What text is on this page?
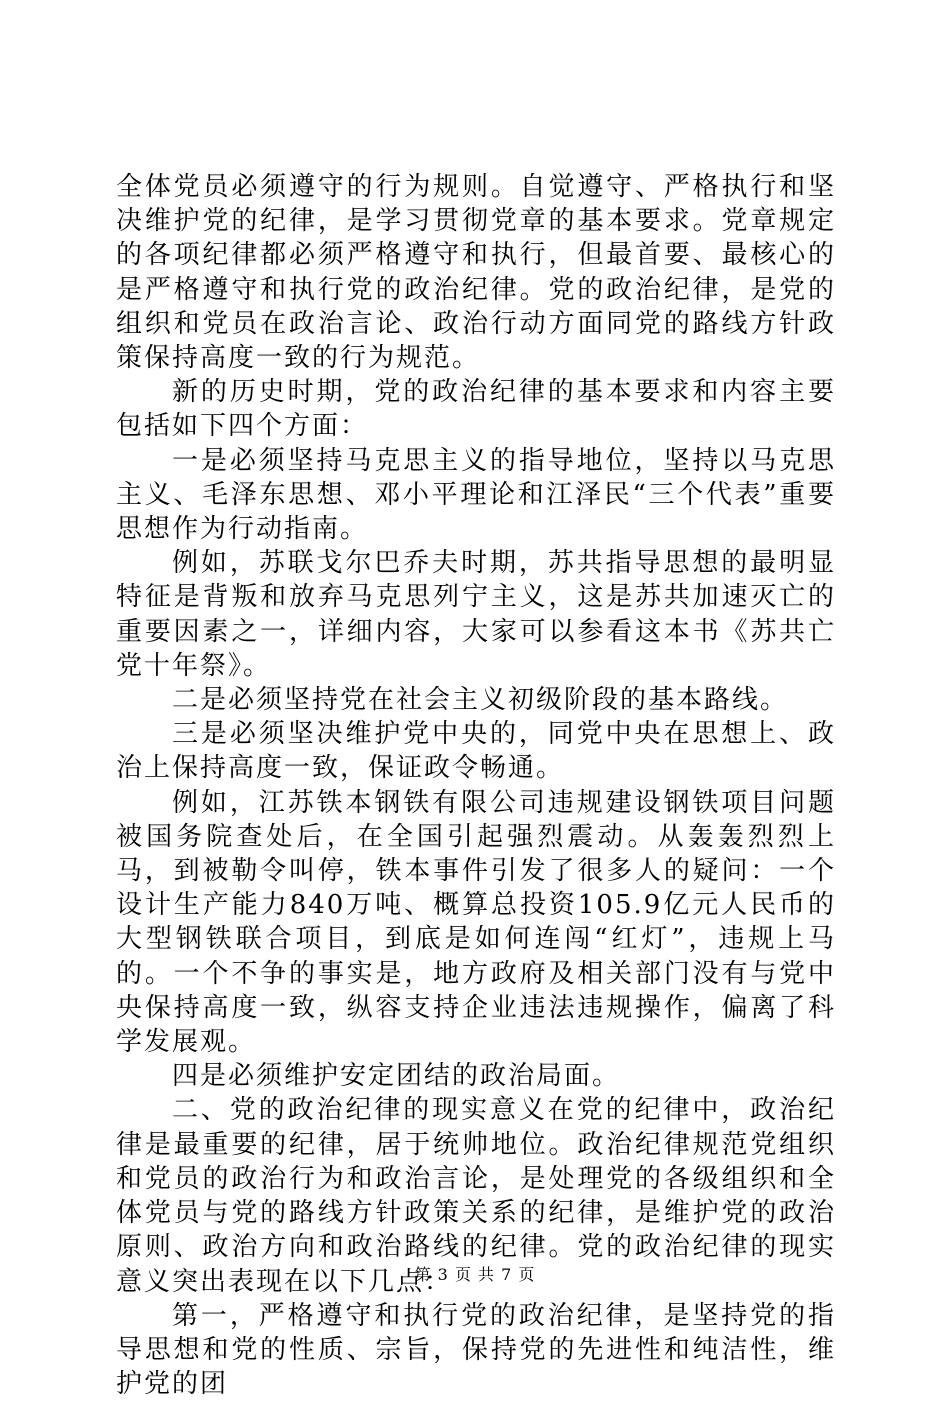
全体党员必须遵守的行为规则。自觉遵守、严格执行和坚决维护党的纪律，是学习贯彻党章的基本要求。党章规定的各项纪律都必须严格遵守和执行，但最首要、最核心的是严格遵守和执行党的政治纪律。党的政治纪律，是党的组织和党员在政治言论、政治行动方面同党的路线方针政策保持高度一致的行为规范。

新的历史时期，党的政治纪律的基本要求和内容主要包括如下四个方面：

一是必须坚持马克思主义的指导地位，坚持以马克思主义、毛泽东思想、邓小平理论和江泽民“三个代表”重要思想作为行动指南。

例如，苏联戈尔巴乔夫时期，苏共指导思想的最明显特征是背叛和放弃马克思列宁主义，这是苏共加速灭亡的重要因素之一，详细内容，大家可以参看这本书《苏共亡党十年祭》。

二是必须坚持党在社会主义初级阶段的基本路线。

三是必须坚决维护党中央的，同党中央在思想上、政治上保持高度一致，保证政令畅通。

例如，江苏铁本钢铁有限公司违规建设钢铁项目问题被国务院查处后，在全国引起强烈震动。从轰轰烈烈上马，到被勒令叫停，铁本事件引发了很多人的疑问：一个设计生产能力840万吨、概算总投资105.9亿元人民币的大型钢铁联合项目，到底是如何连闯“红灯”，违规上马的。一个不争的事实是，地方政府及相关部门没有与党中央保持高度一致，纵容支持企业违法违规操作，偏离了科学发展观。

四是必须维护安定团结的政治局面。

二、党的政治纪律的现实意义在党的纪律中，政治纪律是最重要的纪律，居于统帅地位。政治纪律规范党组织和党员的政治行为和政治言论，是处理党的各级组织和全体党员与党的路线方针政策关系的纪律，是维护党的政治原则、政治方向和政治路线的纪律。党的政治纪律的现实意义突出表现在以下几点：

第一，严格遵守和执行党的政治纪律，是坚持党的指导思想和党的性质、宗旨，保持党的先进性和纯洁性，维护党的团

第 3 页 共 7 页
